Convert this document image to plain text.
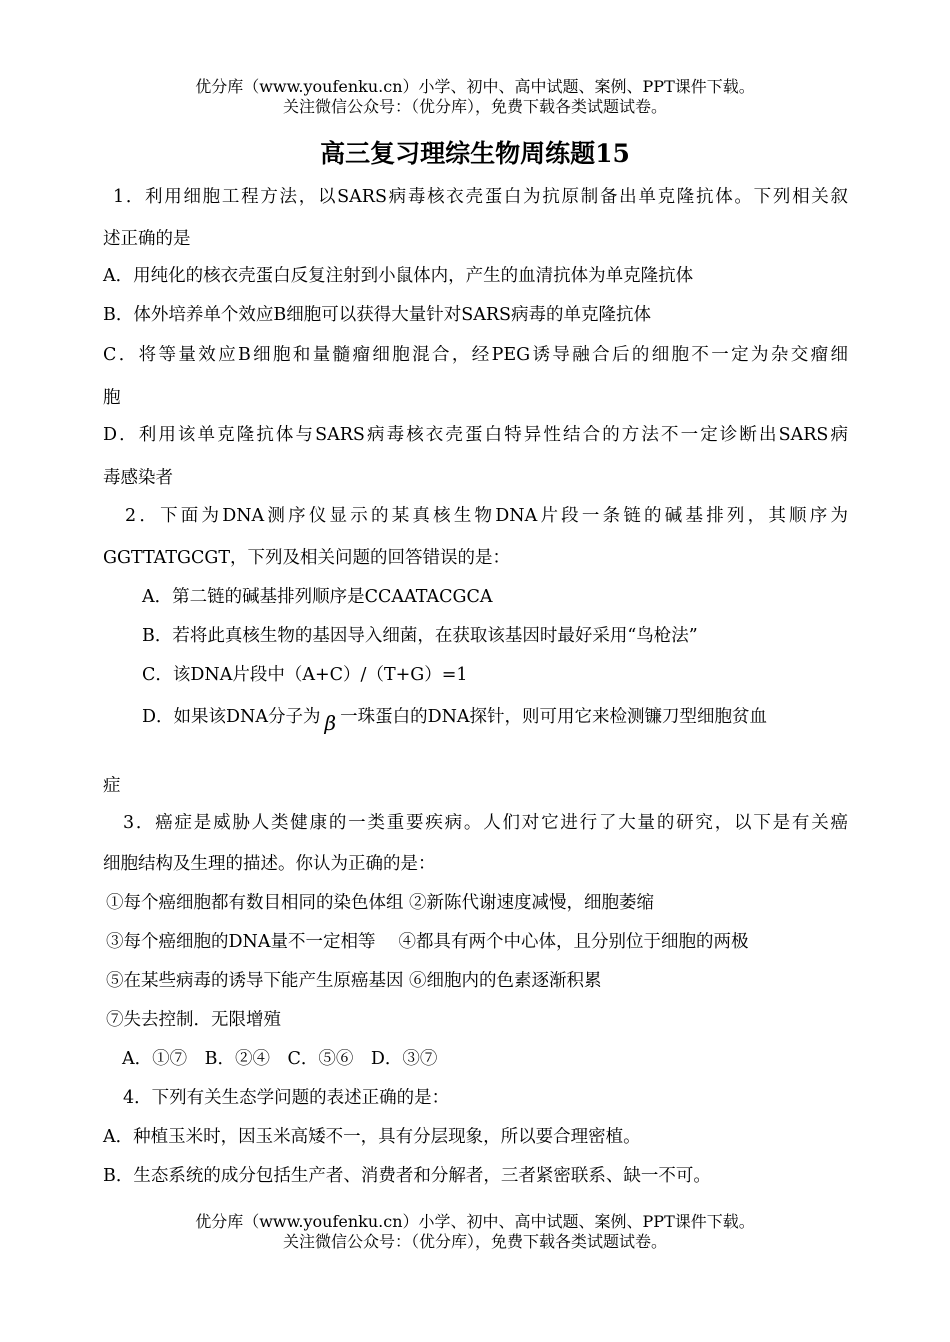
优分库（www.youfenku.cn）小学、初中、高中试题、案例、PPT课件下载。
关注微信公众号：（优分库），免费下载各类试题试卷。
高三复习理综生物周练题15
1．利用细胞工程方法，以SARS病毒核衣壳蛋白为抗原制备出单克隆抗体。下列相关叙
述正确的是
A．用纯化的核衣壳蛋白反复注射到小鼠体内，产生的血清抗体为单克隆抗体
B．体外培养单个效应B细胞可以获得大量针对SARS病毒的单克隆抗体
C．将等量效应B细胞和量髓瘤细胞混合，经PEG诱导融合后的细胞不一定为杂交瘤细
胞
D．利用该单克隆抗体与SARS病毒核衣壳蛋白特异性结合的方法不一定诊断出SARS病
毒感染者
2．下面为DNA测序仪显示的某真核生物DNA片段一条链的碱基排列，其顺序为
GGTTATGCGT，下列及相关问题的回答错误的是：
A．第二链的碱基排列顺序是CCAATACGCA
B．若将此真核生物的基因导入细菌，在获取该基因时最好采用“鸟枪法”
C．该DNA片段中（A+C）/（T+G）=1
D．如果该DNA分子为 β 一珠蛋白的DNA探针，则可用它来检测镰刀型细胞贫血
症
3．癌症是威胁人类健康的一类重要疾病。人们对它进行了大量的研究，以下是有关癌
细胞结构及生理的描述。你认为正确的是：
①每个癌细胞都有数目相同的染色体组 ②新陈代谢速度减慢，细胞萎缩
③每个癌细胞的DNA量不一定相等 　④都具有两个中心体，且分别位于细胞的两极
⑤在某些病毒的诱导下能产生原癌基因 ⑥细胞内的色素逐渐积累
⑦失去控制．无限增殖
A．①⑦　B．②④　C．⑤⑥　D．③⑦
4．下列有关生态学问题的表述正确的是：
A．种植玉米时，因玉米高矮不一，具有分层现象，所以要合理密植。
B．生态系统的成分包括生产者、消费者和分解者，三者紧密联系、缺一不可。
优分库（www.youfenku.cn）小学、初中、高中试题、案例、PPT课件下载。
关注微信公众号：（优分库），免费下载各类试题试卷。
